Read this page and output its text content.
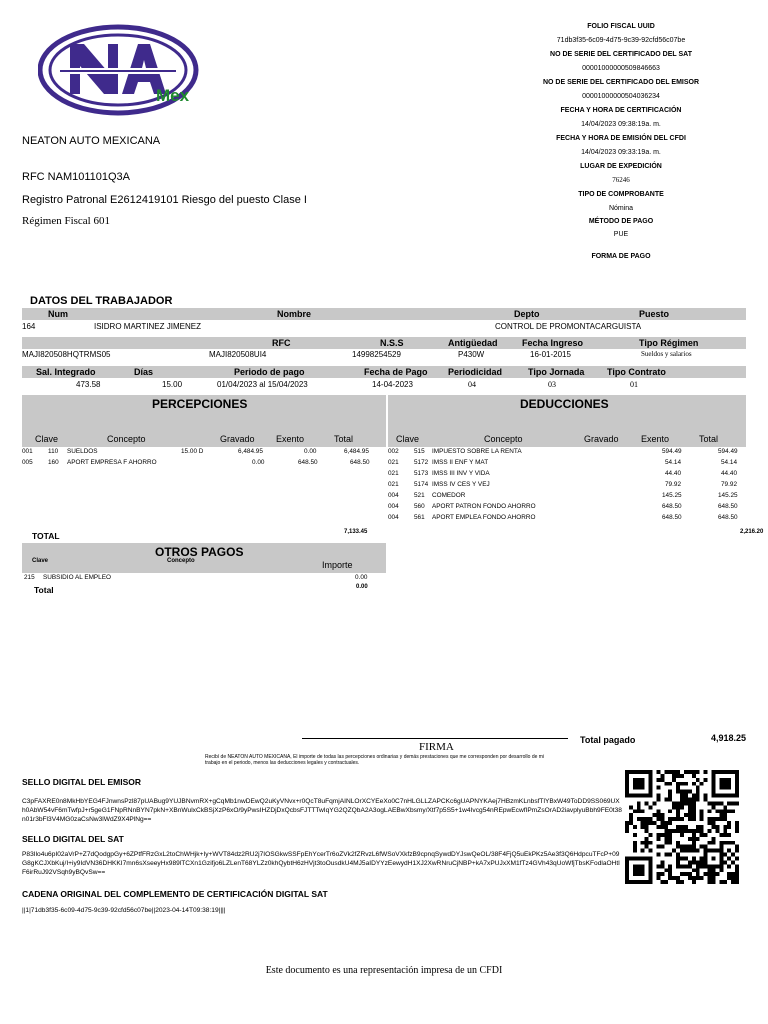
Mex
NEATON AUTO MEXICANA
RFC NAM101101Q3A
Registro Patronal E2612419101 Riesgo del puesto Clase I
Régimen Fiscal 601
FOLIO FISCAL UUID
71db3f35-6c09-4d75-9c39-92cfd56c07be
NO DE SERIE DEL CERTIFICADO DEL SAT
00001000000509846663
NO DE SERIE DEL CERTIFICADO DEL EMISOR
00001000000504036234
FECHA Y HORA DE CERTIFICACIÓN
14/04/2023 09:38:19a. m.
FECHA Y HORA DE EMISIÓN DEL CFDI
14/04/2023 09:33:19a. m.
LUGAR DE EXPEDICIÓN
76246
TIPO DE COMPROBANTE
Nómina
MÉTODO DE PAGO
PUE
FORMA DE PAGO
DATOS DEL TRABAJADOR
Num	Nombre	Depto	Puesto
164	ISIDRO MARTINEZ JIMENEZ	CONTROL DE PROMONTACARGUISTA
RFC	N.S.S	Antigüedad	Fecha Ingreso	Tipo Régimen
MAJI820508HQTRMS05	MAJI820508UI4	14998254529	P430W	16-01-2015	Sueldos y salarios
Sal. Integrado	Días	Periodo de pago	Fecha de Pago Periodicidad	Tipo Jornada	Tipo Contrato
473.58	15.00	01/04/2023 al 15/04/2023	14-04-2023	04	03	01
PERCEPCIONES
Clave	Concepto	Gravado Exento	Total
DEDUCCIONES
Clave	Concepto	Gravado Exento	Total
001 110 SUELDOS	15.00 D	6,484.95	0.00	6,484.95
005 160 APORT EMPRESA F AHORRO	0.00	648.50	648.50
002 515 IMPUESTO SOBRE LA RENTA	594.49	594.49
021 5172 IMSS II ENF Y MAT	54.14	54.14
021 5173 IMSS III INV Y VIDA	44.40	44.40
021 5174 IMSS IV CES Y VEJ	79.92	79.92
004 521 COMEDOR	145.25	145.25
004 560 APORT PATRON FONDO AHORRO	648.50	648.50
004 561 APORT EMPLEA FONDO AHORRO	648.50	648.50
TOTAL	7,133.45	2,216.20
OTROS PAGOS
Clave	Concepto	Importe
215 SUBSIDIO AL EMPLEO	0.00
Total	0.00
FIRMA
Recibí de NEATON AUTO MEXICANA, El importe de todas las percepciones ordinarias y demás prestaciones que me corresponden por desarrollo de mi trabajo en el periodo, menos las deducciones legales y contractuales.
Total pagado	4,918.25
SELLO DIGITAL DEL EMISOR
C3pFAXRE0n8MkHbYEG4FJnwnsPzl87pUABug9YUJBNvmRX+gCqMb1nwDEwQ2uKyVNvx+r0QcT8uFqmjAINLOrXCYEeXo0C7nHLGLLZAPCKc6gUAPNYKAej7HBzmKLnbsfTlYBxW49ToDD9SS069UXh0AbW54vF6mTwfpJ+r5geG1FNpRNnBYN7pkN+XBnWulxCkBSjXzP6xO/9yPwsIHZDjDxQcbsFJTTTwIqYG2QZQbA2A3ogLAEBwXbsmy/Xtf7p5S5+1w4Ivcg54nREpwEcwfIPmZsOrAD2iavplyuBbh9FE0t38n01r3bFl3V4MG0zaCsNw3lWdZ9X4PlNg==
SELLO DIGITAL DEL SAT
P83Ilo4u6pI02aVrP+Z7dQodgpGy+6ZPtfFRzGxL2toChWHjk+Iy+WVT84dz2RU2j7IOSGkwSSFpEhYcerTr6oZVk2fZRvzL6fWSoVXkfzB9cpnqSywdDYJswQeOL/38F4FjQ5uEkPKz5Ae3f3Q6HdpcuTFcP+09G8gKCJXbKuj/I+iy9IdVN36DHKKI7mn6sXseeyHx989lTCXn1Gzifjo6LZLenT68YLZz0khQybtH6zHVjt3toOusdkU4MJ5aIDYYzEewydH1XJ2XwRNruCjNBP+kA7xPUJxXM1fTz4GVh43qUoWfjTbsKFodlaOHtlF6irRuJ92VSqh9yBQvSw==
CADENA ORIGINAL DEL COMPLEMENTO DE CERTIFICACIÓN DIGITAL SAT
||1|71db3f35-6c09-4d75-9c39-92cfd56c07be||2023-04-14T09:38:19||||
Este documento es una representación impresa de un CFDI
